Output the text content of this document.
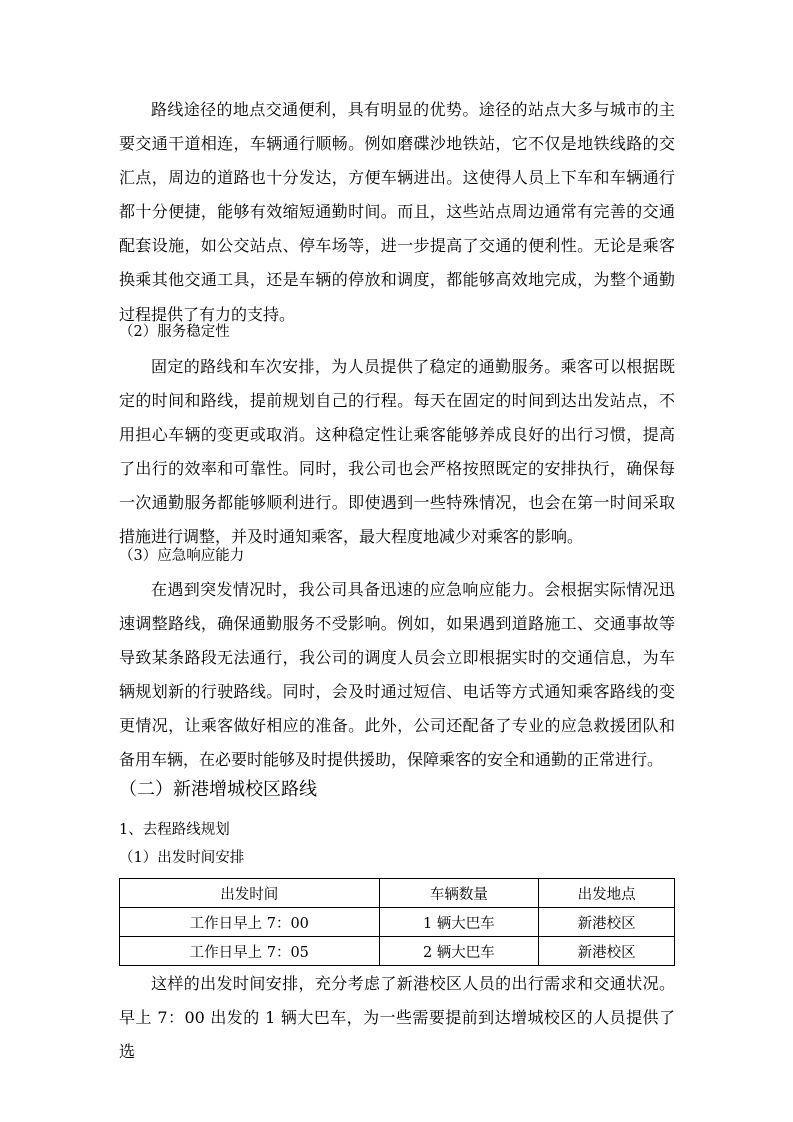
路线途径的地点交通便利，具有明显的优势。途径的站点大多与城市的主要交通干道相连，车辆通行顺畅。例如磨碟沙地铁站，它不仅是地铁线路的交汇点，周边的道路也十分发达，方便车辆进出。这使得人员上下车和车辆通行都十分便捷，能够有效缩短通勤时间。而且，这些站点周边通常有完善的交通配套设施，如公交站点、停车场等，进一步提高了交通的便利性。无论是乘客换乘其他交通工具，还是车辆的停放和调度，都能够高效地完成，为整个通勤过程提供了有力的支持。

（2）服务稳定性

固定的路线和车次安排，为人员提供了稳定的通勤服务。乘客可以根据既定的时间和路线，提前规划自己的行程。每天在固定的时间到达出发站点，不用担心车辆的变更或取消。这种稳定性让乘客能够养成良好的出行习惯，提高了出行的效率和可靠性。同时，我公司也会严格按照既定的安排执行，确保每一次通勤服务都能够顺利进行。即使遇到一些特殊情况，也会在第一时间采取措施进行调整，并及时通知乘客，最大程度地减少对乘客的影响。

（3）应急响应能力

在遇到突发情况时，我公司具备迅速的应急响应能力。会根据实际情况迅速调整路线，确保通勤服务不受影响。例如，如果遇到道路施工、交通事故等导致某条路段无法通行，我公司的调度人员会立即根据实时的交通信息，为车辆规划新的行驶路线。同时，会及时通过短信、电话等方式通知乘客路线的变更情况，让乘客做好相应的准备。此外，公司还配备了专业的应急救援团队和备用车辆，在必要时能够及时提供援助，保障乘客的安全和通勤的正常进行。

（二）新港增城校区路线

1、去程路线规划

（1）出发时间安排

出发时间	车辆数量	出发地点
工作日早上 7：00	1 辆大巴车	新港校区
工作日早上 7：05	2 辆大巴车	新港校区

这样的出发时间安排，充分考虑了新港校区人员的出行需求和交通状况。早上 7：00 出发的 1 辆大巴车，为一些需要提前到达增城校区的人员提供了选
